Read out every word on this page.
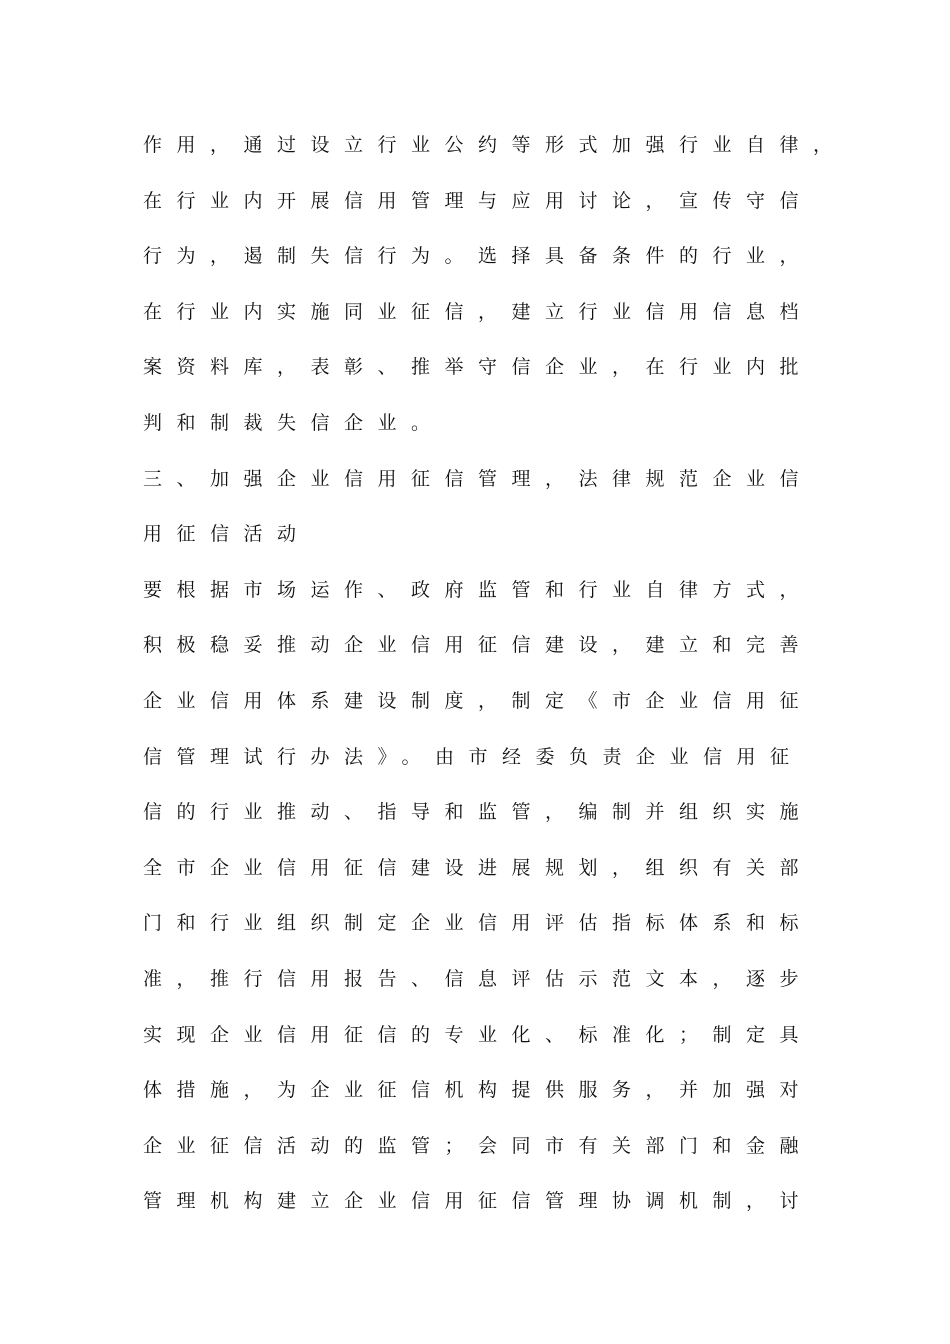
作用，通过设立行业公约等形式加强行业自律，
在行业内开展信用管理与应用讨论，宣传守信
行为，遏制失信行为。选择具备条件的行业，
在行业内实施同业征信，建立行业信用信息档
案资料库，表彰、推举守信企业，在行业内批
判和制裁失信企业。
三、加强企业信用征信管理，法律规范企业信
用征信活动
要根据市场运作、政府监管和行业自律方式，
积极稳妥推动企业信用征信建设，建立和完善
企业信用体系建设制度，制定《市企业信用征
信管理试行办法》。由市经委负责企业信用征
信的行业推动、指导和监管，编制并组织实施
全市企业信用征信建设进展规划，组织有关部
门和行业组织制定企业信用评估指标体系和标
准，推行信用报告、信息评估示范文本，逐步
实现企业信用征信的专业化、标准化；制定具
体措施，为企业征信机构提供服务，并加强对
企业征信活动的监管；会同市有关部门和金融
管理机构建立企业信用征信管理协调机制，讨
